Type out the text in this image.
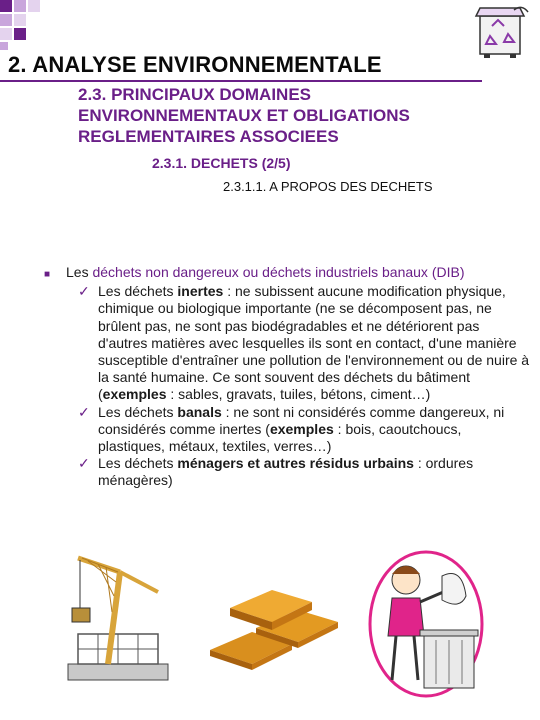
2. ANALYSE ENVIRONNEMENTALE
2.3. PRINCIPAUX DOMAINES
ENVIRONNEMENTAUX ET OBLIGATIONS
REGLEMENTAIRES ASSOCIEES
2.3.1. DECHETS (2/5)
2.3.1.1. A PROPOS DES DECHETS
■	Les déchets non dangereux ou déchets industriels banaux (DIB)
✓ Les déchets inertes : ne subissent aucune modification physique, chimique ou biologique importante (ne se décomposent pas, ne brûlent pas, ne sont pas biodégradables et ne détériorent pas d'autres matières avec lesquelles ils sont en contact, d'une manière susceptible d'entraîner une pollution de l'environnement ou de nuire à la santé humaine. Ce sont souvent des déchets du bâtiment (exemples : sables, gravats, tuiles, bétons, ciment…)
✓ Les déchets banals : ne sont ni considérés comme dangereux, ni considérés comme inertes (exemples : bois, caoutchoucs, plastiques, métaux, textiles, verres…)
✓ Les déchets ménagers et autres résidus urbains : ordures ménagères)
